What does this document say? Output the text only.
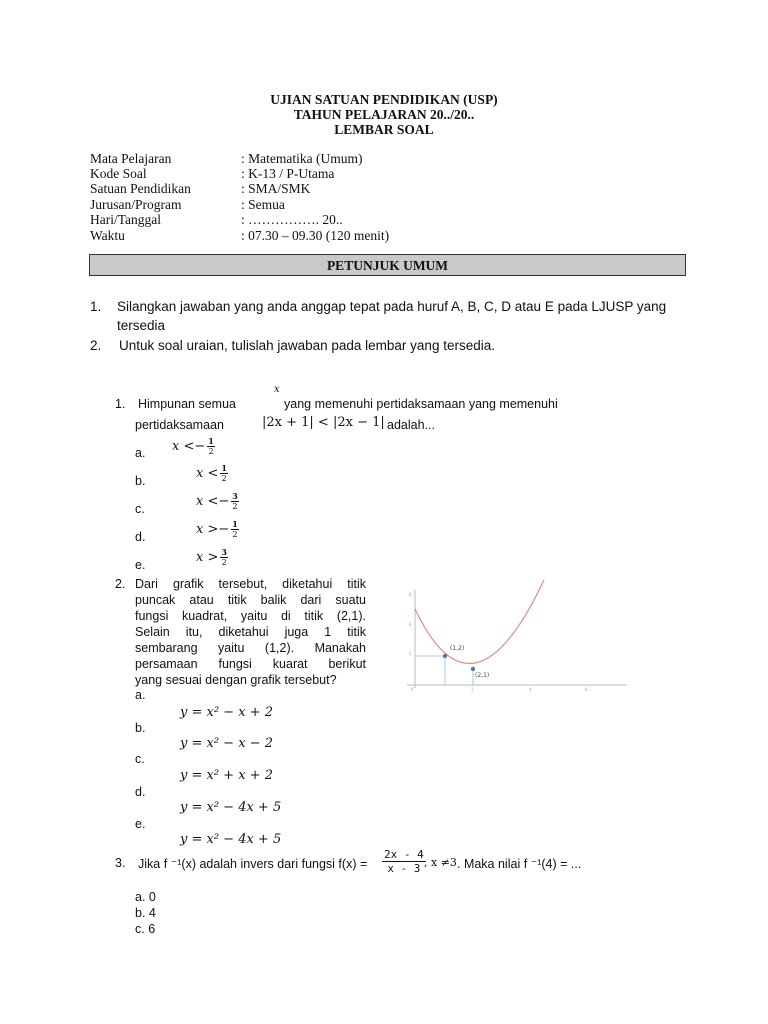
UJIAN SATUAN PENDIDIKAN (USP)
TAHUN PELAJARAN 20../20..
LEMBAR SOAL
Mata Pelajaran	: Matematika (Umum)
Kode Soal	: K-13 / P-Utama
Satuan Pendidikan	: SMA/SMK
Jurusan/Program	: Semua
Hari/Tanggal	: ……………. 20..
Waktu	: 07.30 – 09.30 (120 menit)
PETUNJUK UMUM
1. Silangkan jawaban yang anda anggap tepat pada huruf A, B, C, D atau E pada LJUSP yang
tersedia
2. Untuk soal uraian, tulislah jawaban pada lembar yang tersedia.
x
1. Himpunan semua	yang memenuhi pertidaksamaan yang memenuhi
pertidaksamaan	|2x + 1| < |2x − 1| adalah...
a. $x <- \frac{1}{2}$
b.	$x < \frac{1}{2}$
c.	$x <- \frac{3}{2}$
d.	$x >- \frac{1}{2}$
e.	$x > \frac{3}{2}$
2. Dari grafik tersebut, diketahui titik
puncak atau titik balik dari suatu
fungsi kuadrat, yaitu di titik (2,1).
Selain itu, diketahui juga 1 titik
sembarang yaitu (1,2). Manakah
persamaan fungsi kuarat berikut
yang sesuai dengan grafik tersebut?
a.
y = x² − x + 2
b.
y = x² − x − 2
c.
y = x² + x + 2
d.
y = x² − 4x + 5
e.
y = x² − 4x + 5
8
6
2
2	4	6
0
(1,2)
(2,1)
3. Jika f ⁻¹(x) adalah invers dari fungsi $f(x) = \frac{2x - 4}{x - 3}$
, x ≠3 . Maka nilai f ⁻¹(4) = ...
a. 0
b. 4
c. 6
